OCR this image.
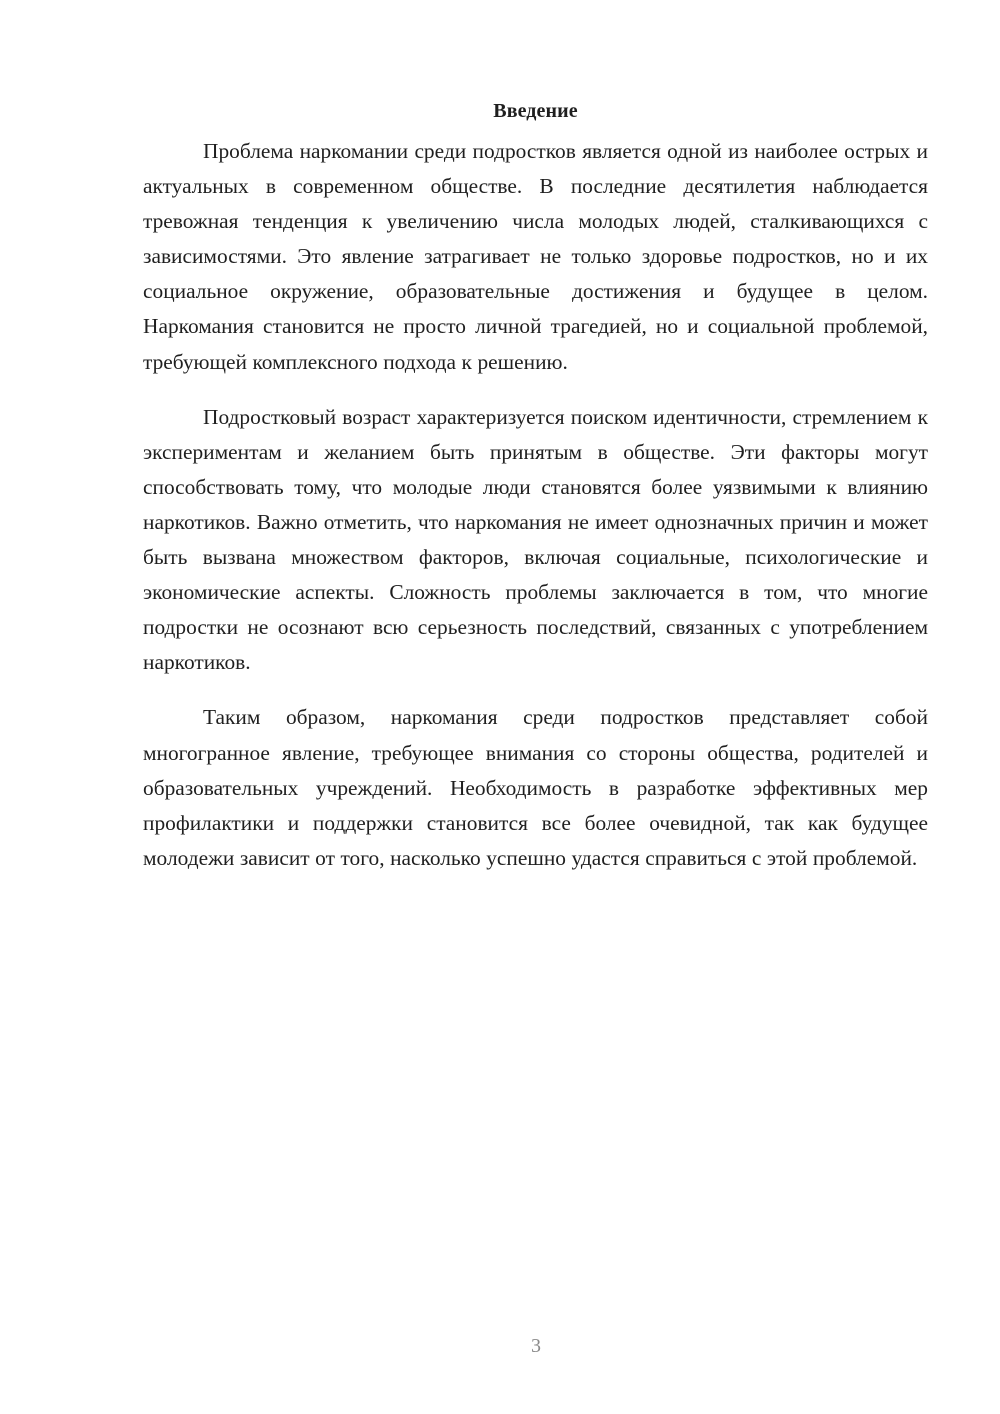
Введение

Проблема наркомании среди подростков является одной из наиболее острых и актуальных в современном обществе. В последние десятилетия наблюдается тревожная тенденция к увеличению числа молодых людей, сталкивающихся с зависимостями. Это явление затрагивает не только здоровье подростков, но и их социальное окружение, образовательные достижения и будущее в целом. Наркомания становится не просто личной трагедией, но и социальной проблемой, требующей комплексного подхода к решению.

Подростковый возраст характеризуется поиском идентичности, стремлением к экспериментам и желанием быть принятым в обществе. Эти факторы могут способствовать тому, что молодые люди становятся более уязвимыми к влиянию наркотиков. Важно отметить, что наркомания не имеет однозначных причин и может быть вызвана множеством факторов, включая социальные, психологические и экономические аспекты. Сложность проблемы заключается в том, что многие подростки не осознают всю серьезность последствий, связанных с употреблением наркотиков.

Таким образом, наркомания среди подростков представляет собой многогранное явление, требующее внимания со стороны общества, родителей и образовательных учреждений. Необходимость в разработке эффективных мер профилактики и поддержки становится все более очевидной, так как будущее молодежи зависит от того, насколько успешно удастся справиться с этой проблемой.

3
